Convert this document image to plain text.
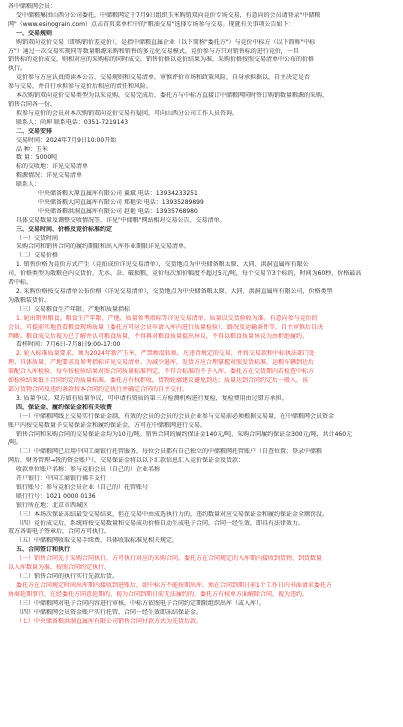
各中储粮网会员：
受中储粮集团山西分公司委托，中储粮网定于7月9日组织玉米购销双向竞价专场交易，有意向的会员请登录"中储粮
网"（www.esinograin.com）点击首页菜单栏中的"粮油交易"选择专场参与交易。现就有关事项公告如下：
一、交易规则
购销双向竞价交易（即购销价差竞价），是指中储粮直属企业（以下简称"委托方"）与竞价中标方（以下简称"中标
方"）通过一次交易实现同等数量粮源采购和销售的多元化交易模式。竞价参与方只对销售标的进行竞价，一旦
销售标的竞价成交，则相对应的采购标的同时成交。销售价格以竞价结果为准，采购价格按照交易清单中公布的价格
执行。
竞价参与方应认真阅读本公告、交易规则和交易清单，审慎评价市场和政策风险，自身承担据以，自主决定是否
参与交易，并自行承担参与竞价后相应的责任和风险。
本次购销双向竞价交易类型为以采竞购，交易完成后，委托方与中标方直接订中储粮网同时签订购销数量粮源的采购、
销售合同各一份。
拟参与竞价的会员对本次购销双向竞价交易有疑问，可向山西分公司工作人员咨询。
联系人：尚坤 联系电话：0351-7219143
二、交易安排
交易时间：2024年7月9日10:00开始
品 种：玉米
数 量：5000吨
标的交收地：详见交易清单
粮源情况：详见交易清单
联系人：
中央储备粮大原直属库有限公司 翼斌 电话：13934233251
中央储备粮大同直属库有限公司 郑艳荣 电话：13935289899
中央储备粮洪洞直属库有限公司 赵艳 电话：13935768980
具体交易数量及调整交收情况等，详见"中储粮"网站相对交易公告、交易清单。
三、交易时间、价格及竞价标准约定
（一）交货时间
采购合同和销售合同的履约期限和出入库作业期限详见交易清单。
（二）交易价格
1. 销售价格为竞价方式产生（竞拍成价详见交易清单），交货地点为中央储备粮太原、大同、洪洞直属库有限公
司，价格类型为散粮仓内交货价，无水、杂、破损粮，竞价每次加价幅度不超过5元/吨，每个交易节3个标的，时间为60秒，价格最高
者中标。
2. 采购价格按交易清单公布价格（详见交易清单），交货地点为中央储备粮太原、大同、洪洞直属库有限公司，价格类型
为散粮装货价。
（三）交易粮食生产年限、产地和质量指标
1. 轮出销售粮食。粮食生产年限、产地、质量参考指标等详见交易清单。质量以交货验收为准。有意向参与竞价的
会员，可提前实地查看粮食现场质量（委托方可应会员申请入库内进行质量检验），路况及运输条件等，自主审慎后自决
判断。粮食成交后视为已了解并认可粮食质量，不得再对粮食质量提出异议，不得以粮食质量异议为由拒绝履约。
看样时间：7月6日-7月8日9:00-17:00
2. 轮入标准质量要求。须为2024年新产玉米，严禁掺混转换。凡违背规定的交易，并将交易款和中标执法部门处
理。具体质量、产地要求及参考指标详见交易清单。为减少退库，发货方应合理掌握对照发货标准，运粮车辆到达后
需配合入库检验、每车按检验结果对照合同质量标准判定，不符合标准的不予入库。委托方在交货期内若检查中标方
如检验结果低于合同约定的质量标准，委托方有权拒收。货物轮廓建议避免到达；质量达到合同约定后一般入，该
部分货物合同及违约条款按本合同约定执行并确定合同的自主交付。
3. 质量争议。双方如有质量争议，可申请有资质的第三方检测机构进行复检，复检费用由过错方承担。
四、保证金、履约保证金和有关收费
（一）中储粮网线上交易实行保证金制，有效的会员的会员的会员企业参与交易前必须根据交易量，在中储粮网会员资金
账户内按交易数量予交易保证金和履约保证金，方可在中储粮网进行交易。
销售合同和采购合同的交易保证金均为10元/吨。销售合同的履约保证金140元/吨，采购合同履约保证金300元/吨，共计460元
/吨。
（二）中储粮网已启用中国工商银行托管服务，每位会员都有自己独立的中储粮网托管账户（自查位置：登录中储粮
网后，财务管理→我的资金账户），交易保证金将以以下汇款信息汇入竞价保证金及货款：
收款单位账户名称：参与竞拍会员（自己的）企业名称
开户银行：中国工商银行佛羊支行
银行账号：参与竞拍会员企业（自己的）托管账号
联行行号：1021 0000 0136
银行所在地：北京市西城区
（三）本场次保证冻结最受交易结束，但在交易中由成选执行力的，违约数量对应交易保证金和履约保证金全额罚没。
（四）竞价成交后，系统将按交易数量和交易成功价格自动生成电子合同，合同一经生效，即具有法律效力。
双方各需电子签章后，合同方可执行。
（五）中储粮网收取交易手续费，具体收取标准见相关规定。
五、合同签订和执行
（一）销售合同先于采购合同执行，方可执行对应的采购合同。委托方在合同规定的入库期内接收到货物，到货数量
以入库数量为准，按照合同约定执行。
（二）销售合同的执行实行先款后货。
委托方在合同规定时间出库期内接收到进账后，如中标方不能按期出库，须在合同到期日前1个工作日内书面请求委托方
协商延期事宜，在经委托方同意延期的，视为合同到期日前无法履约的，委托方有权单方面解除合同，视为违约。
（三）中储粮网对电子合同内容进行审核，中标方依照电子合同约定期限组织出库（或入库）。
（四）中储粮网会员资金账户实行托管，合同一经生效即冻结保证金。
（七）中央储备粮洪洞直属库有限公司销售合同付款方式为先货后款。
